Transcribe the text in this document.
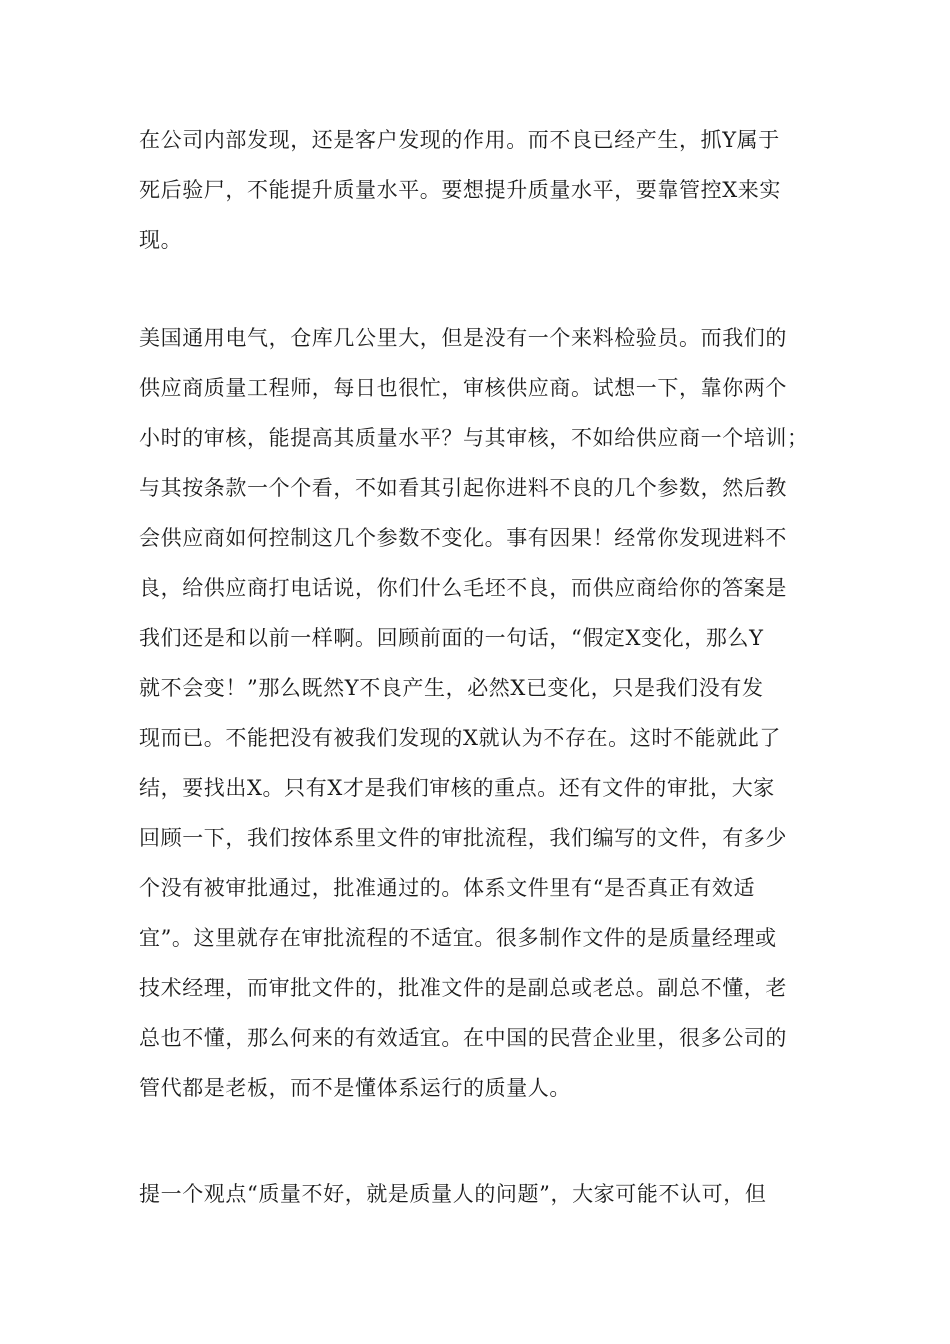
在公司内部发现，还是客户发现的作用。而不良已经产生，抓Y属于
死后验尸，不能提升质量水平。要想提升质量水平，要靠管控X来实
现。
美国通用电气，仓库几公里大，但是没有一个来料检验员。而我们的
供应商质量工程师，每日也很忙，审核供应商。试想一下，靠你两个
小时的审核，能提高其质量水平？与其审核，不如给供应商一个培训；
与其按条款一个个看，不如看其引起你进料不良的几个参数，然后教
会供应商如何控制这几个参数不变化。事有因果！经常你发现进料不
良，给供应商打电话说，你们什么毛坯不良，而供应商给你的答案是
我们还是和以前一样啊。回顾前面的一句话，“假定X变化，那么Y
就不会变！”那么既然Y不良产生，必然X已变化，只是我们没有发
现而已。不能把没有被我们发现的X就认为不存在。这时不能就此了
结，要找出X。只有X才是我们审核的重点。还有文件的审批，大家
回顾一下，我们按体系里文件的审批流程，我们编写的文件，有多少
个没有被审批通过，批准通过的。体系文件里有“是否真正有效适
宜”。这里就存在审批流程的不适宜。很多制作文件的是质量经理或
技术经理，而审批文件的，批准文件的是副总或老总。副总不懂，老
总也不懂，那么何来的有效适宜。在中国的民营企业里，很多公司的
管代都是老板，而不是懂体系运行的质量人。
提一个观点“质量不好，就是质量人的问题”，大家可能不认可，但
